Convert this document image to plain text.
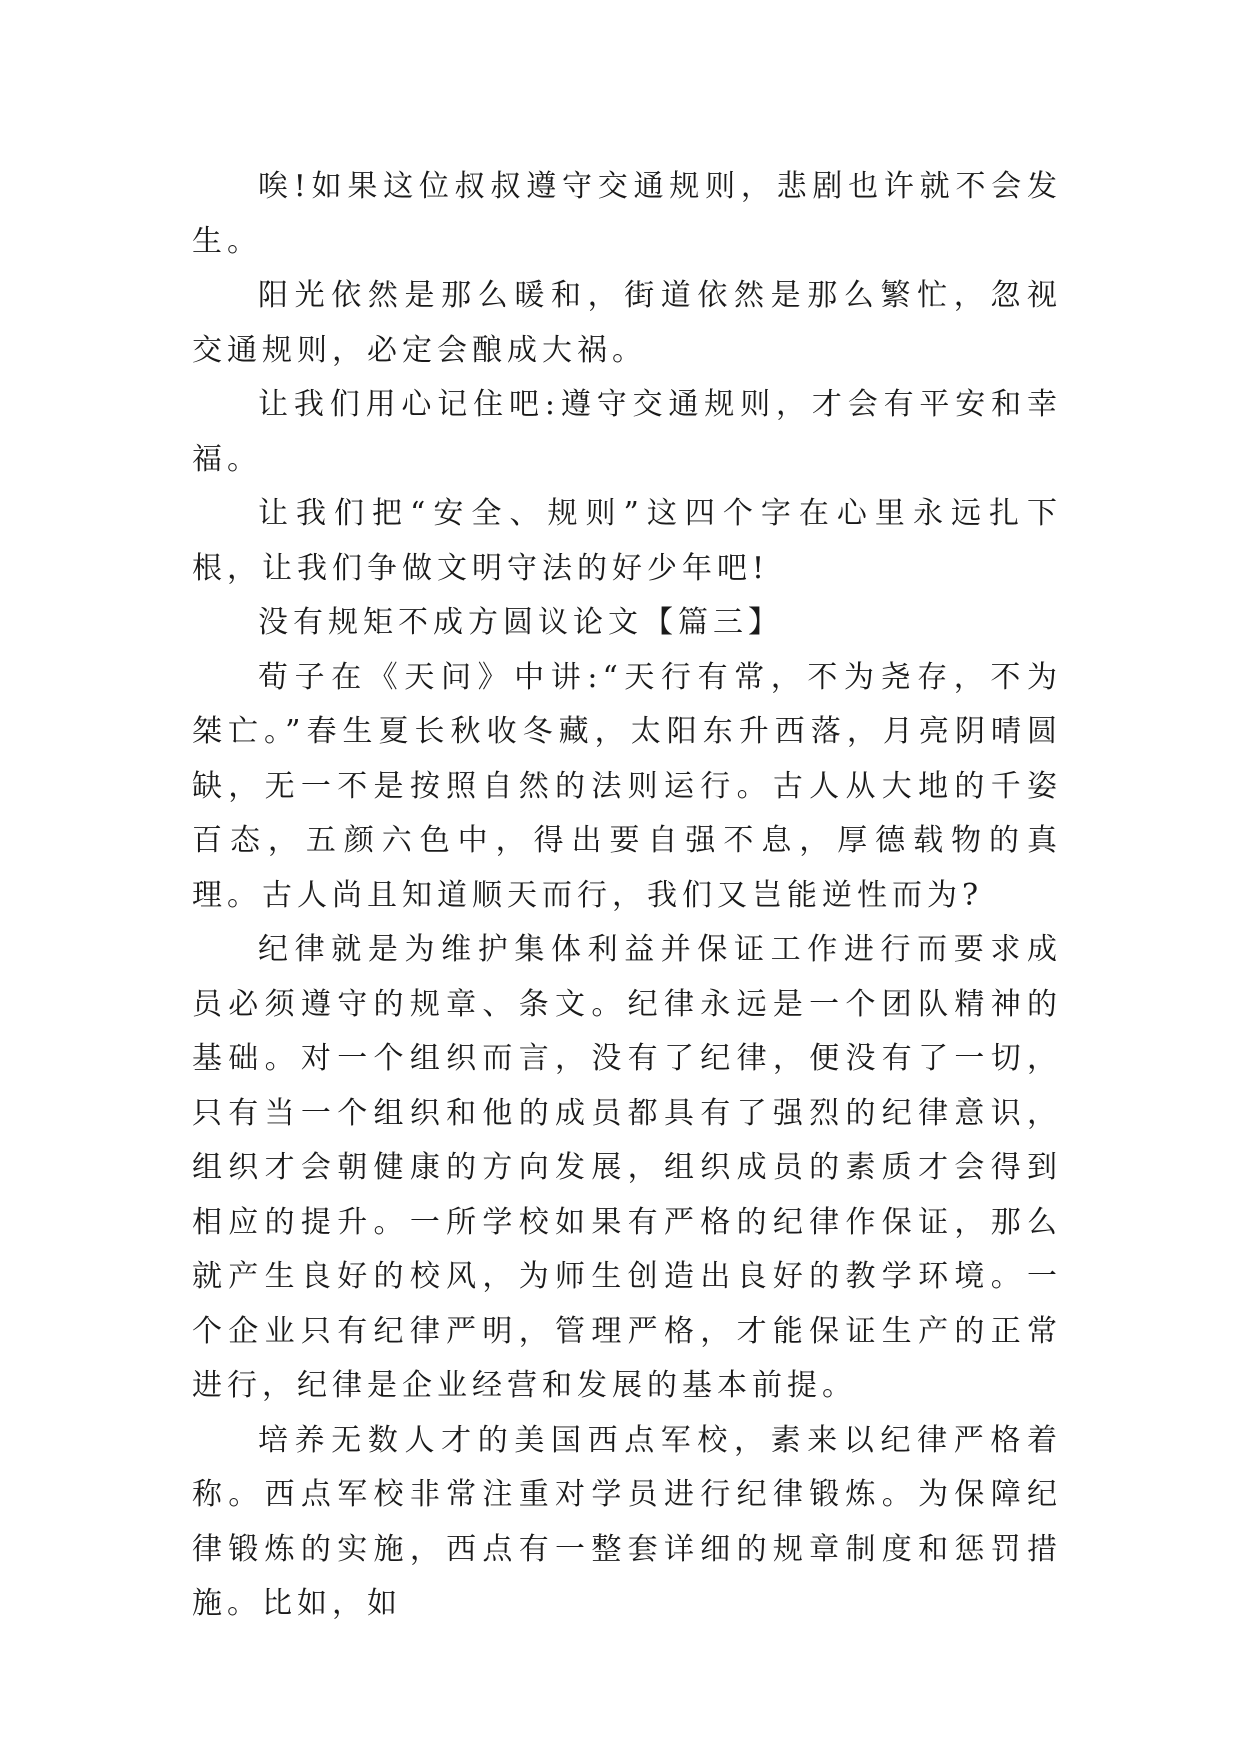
唉!如果这位叔叔遵守交通规则，悲剧也许就不会发生。

阳光依然是那么暖和，街道依然是那么繁忙，忽视交通规则，必定会酿成大祸。

让我们用心记住吧:遵守交通规则，才会有平安和幸福。

让我们把“安全、规则”这四个字在心里永远扎下根，让我们争做文明守法的好少年吧!

没有规矩不成方圆议论文【篇三】

荀子在《天问》中讲:“天行有常，不为尧存，不为桀亡。”春生夏长秋收冬藏，太阳东升西落，月亮阴晴圆缺，无一不是按照自然的法则运行。古人从大地的千姿百态，五颜六色中，得出要自强不息，厚德载物的真理。古人尚且知道顺天而行，我们又岂能逆性而为?

纪律就是为维护集体利益并保证工作进行而要求成员必须遵守的规章、条文。纪律永远是一个团队精神的基础。对一个组织而言，没有了纪律，便没有了一切，只有当一个组织和他的成员都具有了强烈的纪律意识，组织才会朝健康的方向发展，组织成员的素质才会得到相应的提升。一所学校如果有严格的纪律作保证，那么就产生良好的校风，为师生创造出良好的教学环境。一个企业只有纪律严明，管理严格，才能保证生产的正常进行，纪律是企业经营和发展的基本前提。

培养无数人才的美国西点军校，素来以纪律严格着称。西点军校非常注重对学员进行纪律锻炼。为保障纪律锻炼的实施，西点有一整套详细的规章制度和惩罚措施。比如，如
